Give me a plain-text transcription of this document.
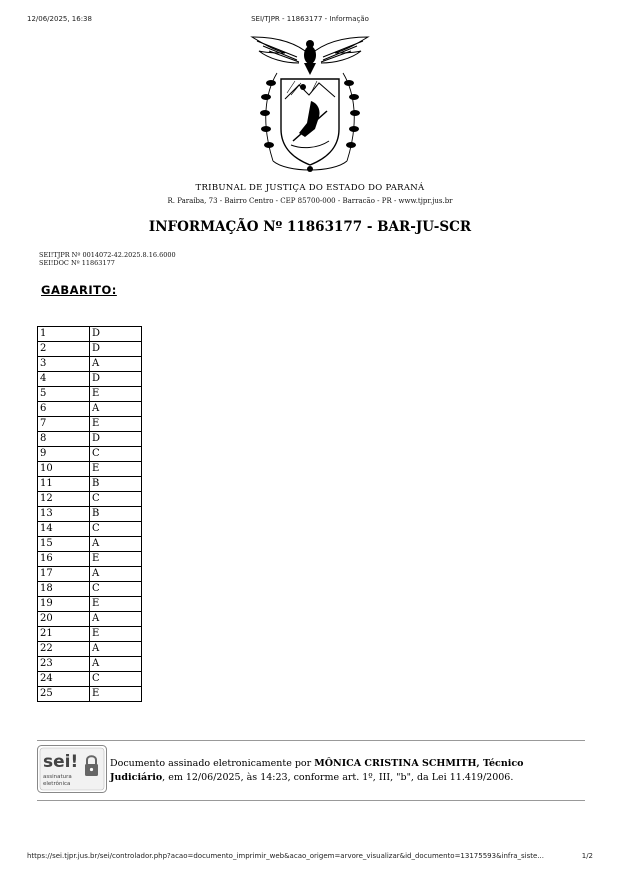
12/06/2025, 16:38	SEI/TJPR - 11863177 - Informação
TRIBUNAL DE JUSTIÇA DO ESTADO DO PARANÁ
R. Paraíba, 73 - Bairro Centro - CEP 85700-000 - Barracão - PR - www.tjpr.jus.br
INFORMAÇÃO Nº 11863177 - BAR-JU-SCR
SEI!TJPR Nº 0014072-42.2025.8.16.6000
SEI!DOC Nº 11863177
GABARITO:
1	D
2	D
3	A
4	D
5	E
6	A
7	E
8	D
9	C
10	E
11	B
12	C
13	B
14	C
15	A
16	E
17	A
18	C
19	E
20	A
21	E
22	A
23	A
24	C
25	E
sei!
assinatura
eletrônica
Documento assinado eletronicamente por MÔNICA CRISTINA SCHMITH, Técnico Judiciário, em 12/06/2025, às 14:23, conforme art. 1º, III, "b", da Lei 11.419/2006.
https://sei.tjpr.jus.br/sei/controlador.php?acao=documento_imprimir_web&acao_origem=arvore_visualizar&id_documento=13175593&infra_siste...	1/2
